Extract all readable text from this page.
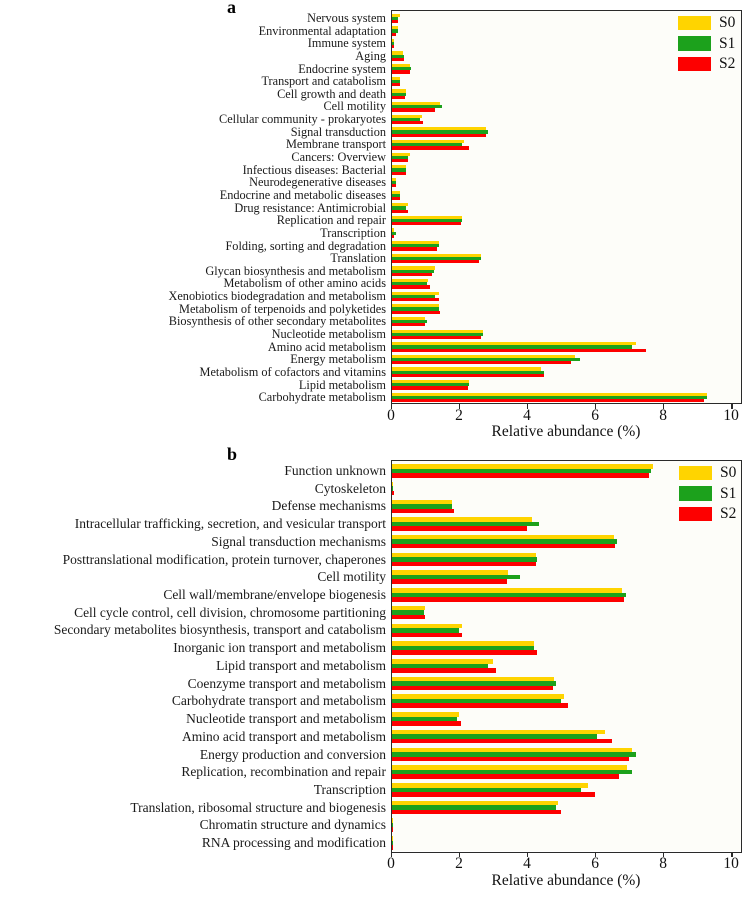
a
Nervous system
Environmental adaptation
Immune system
Aging
Endocrine system
Transport and catabolism
Cell growth and death
Cell motility
Cellular community - prokaryotes
Signal transduction
Membrane transport
Cancers: Overview
Infectious diseases: Bacterial
Neurodegenerative diseases
Endocrine and metabolic diseases
Drug resistance: Antimicrobial
Replication and repair
Transcription
Folding, sorting and degradation
Translation
Glycan biosynthesis and metabolism
Metabolism of other amino acids
Xenobiotics biodegradation and metabolism
Metabolism of terpenoids and polyketides
Biosynthesis of other secondary metabolites
Nucleotide metabolism
Amino acid metabolism
Energy metabolism
Metabolism of cofactors and vitamins
Lipid metabolism
Carbohydrate metabolism
0	2	4	6	8	10
Relative abundance (%)
S0
S1
S2
b
Function unknown
Cytoskeleton
Defense mechanisms
Intracellular trafficking, secretion, and vesicular transport
Signal transduction mechanisms
Posttranslational modification, protein turnover, chaperones
Cell motility
Cell wall/membrane/envelope biogenesis
Cell cycle control, cell division, chromosome partitioning
Secondary metabolites biosynthesis, transport and catabolism
Inorganic ion transport and metabolism
Lipid transport and metabolism
Coenzyme transport and metabolism
Carbohydrate transport and metabolism
Nucleotide transport and metabolism
Amino acid transport and metabolism
Energy production and conversion
Replication, recombination and repair
Transcription
Translation, ribosomal structure and biogenesis
Chromatin structure and dynamics
RNA processing and modification
0	2	4	6	8	10
Relative abundance (%)
S0
S1
S2
